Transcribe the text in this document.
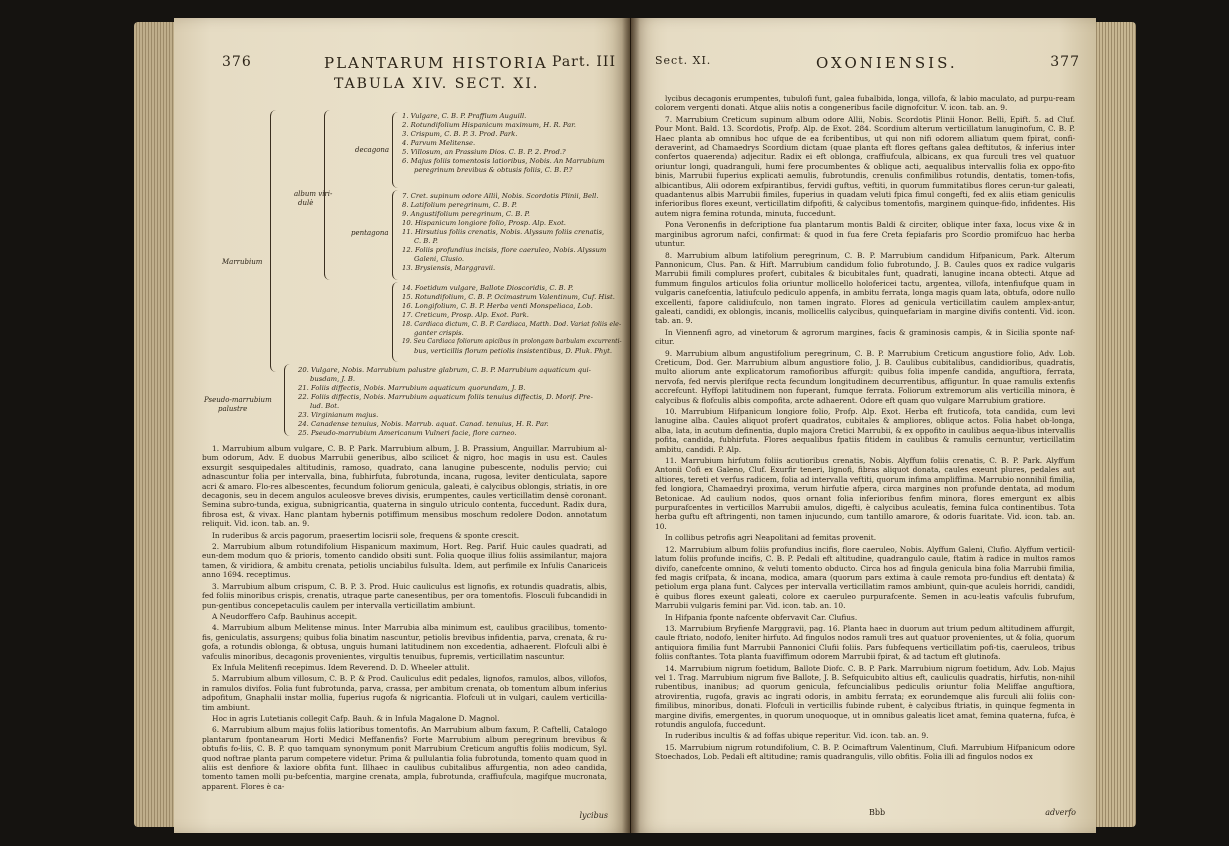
376	PLANTARUM HISTORIA Part. III
TABULA XIV. SECT. XI.
Marrubium
album viri-
dulè
decagona
pentagona
Pseudo-marrubium
palustre
1. Vulgare, C. B. P. Praffium Auguill.
2. Rotundifolium Hispanicum maximum, H. R. Par.
3. Crispum, C. B. P. 3. Prod. Park.
4. Parvum Melitense.
5. Villosum, an Prassium Dios. C. B. P. 2. Prod.?
6. Majus foliis tomentosis latioribus, Nobis. An Marrubium
peregrinum brevibus & obtusis foliis, C. B. P.?
7. Cret. supinum odore Alliì, Nobis. Scordotis Plinii, Bell.
8. Latifolium peregrinum, C. B. P.
9. Angustifolium peregrinum, C. B. P.
10. Hispanicum longiore folio, Prosp. Alp. Exot.
11. Hirsutius foliis crenatis, Nobis. Alyssum foliis crenatis,
C. B. P.
12. Foliis profundius incisis, flore caeruleo, Nobis. Alyssum
Galeni, Clusio.
13. Brysiensis, Marggravii.
14. Foetidum vulgare, Ballote Dioscoridis, C. B. P.
15. Rotundifolium, C. B. P. Ocimastrum Valentinum, Cuf. Hist.
16. Longifolium, C. B. P. Herba venti Monspeliaca, Lob.
17. Creticum, Prosp. Alp. Exot. Park.
18. Cardiaca dictum, C. B. P. Cardiaca, Matth. Dod. Variat foliis ele-
ganter crispis.
19. Seu Cardiaca foliorum apicibus in prolongam barbulam excurrenti-
bus, verticillis florum petiolis insistentibus, D. Pluk. Phyt.
20. Vulgare, Nobis. Marrubium palustre glabrum, C. B. P. Marrubium aquaticum qui-
busdam, J. B.
21. Foliis diffectis, Nobis. Marrubium aquaticum quorundam, J. B.
22. Foliis diffectis, Nobis. Marrubium aquaticum foliis tenuius diffectis, D. Morif. Pre-
lud. Bot.
23. Virginianum majus.
24. Canadense tenuius, Nobis. Marrub. aquat. Canad. tenuius, H. R. Par.
25. Pseudo-marrubium Americanum Vulneri facie, flore carneo.

1. Marrubium album vulgare, C. B. P. Park. Marrubium album, J. B. Prassium, Anguillar. Marrubium al-bum odorum, Adv. E duobus Marrubii generibus, albo scilicet & nigro, hoc magis in usu est. Caules exsurgit sesquipedales altitudinis, ramoso, quadrato, cana lanugine pubescente, nodulis pervio; cui adnascuntur folia per intervalla, bina, fubhirfuta, fubrotunda, incana, rugosa, leviter denticulata, sapore acri & amaro. Flo-res albescentes, fecundum foliorum genicula, galeati, è calycibus oblongis, striatis, in ore decagonis, seu in decem angulos aculeosve breves divisis, erumpentes, caules verticillatim densè coronant. Semina subro-tunda, exigua, subnigricantia, quaterna in singulo utriculo contenta, fuccedunt. Radix dura, fibrosa est, & vivax. Hanc plantam hybernis potiffimum mensibus moschum redolere Dodon. annotatum reliquit. Vid. icon. tab. an. 9.

In ruderibus & arcis pagorum, praesertim locisrii sole, frequens & sponte crescit.

2. Marrubium album rotundifolium Hispanicum maximum, Hort. Reg. Parif. Huic caules quadrati, ad eun-dem modum quo & prioris, tomento candido obsiti sunt. Folia quoque illius foliis assimilantur, majora tamen, & viridiora, & ambitu crenata, petiolis unciabilus fulsulta. Idem, aut perfimile ex Infulis Canariceis anno 1694. receptimus.

3. Marrubium album crispum, C. B. P. 3. Prod. Huic cauliculus est lignofis, ex rotundis quadratis, albis, fed foliis minoribus crispis, crenatis, utraque parte canesentibus, per ora tomentofis. Flosculi fubcandidi in pun-gentibus concepetaculis caulem per intervalla verticillatim ambiunt.

A Neudorffero Cafp. Bauhinus accepit.

4. Marrubium album Melitense minus. Inter Marrubia alba minimum est, caulibus gracilibus, tomento-fis, geniculatis, assurgens; quibus folia binatim nascuntur, petiolis brevibus infidentia, parva, crenata, & ru-gofa, a rotundis oblonga, & obtusa, unguis humani latitudinem non excedentia, adhaerent. Flofculi albi è vafculis minoribus, decagonis provenientes, virgultis tenuibus, fupremis, verticillatim nascuntur.

Ex Infula Melitenfi recepimus. Idem Reverend. D. D. Wheeler attulit.

5. Marrubium album villosum, C. B. P. & Prod. Cauliculus edit pedales, lignofos, ramulos, albos, villofos, in ramulos divifos. Folia funt fubrotunda, parva, crassa, per ambitum crenata, ob tomentum album inferius adpofitum, Gnaphalii instar mollia, fuperius rugofa & nigricantia. Flofculi ut in vulgari, caulem verticilla-tim ambiunt.

Hoc in agris Lutetianis collegit Cafp. Bauh. & in Infula Magalone D. Magnol.

6. Marrubium album majus foliis latioribus tomentofis. An Marrubium album faxum, P. Caftelli, Catalogo plantarum fpontanearum Horti Medici Meffanenfis? Forte Marrubium album peregrinum brevibus & obtufis fo-liis, C. B. P. quo tamquam synonymum ponit Marrubium Creticum anguftis foliis modicum, Syl. quod noftrae planta parum competere videtur. Prima & pullulantia folia fubrotunda, tomento quam quod in aliis est denfiore & laxiore obfita funt. Illhaec in caulibus cubitalibus affurgentia, non adeo candida, tomento tamen molli pu-befcentia, margine crenata, ampla, fubrotunda, craffiufcula, magifque mucronata, apparent. Flores è ca-

lycibus
Sect. XI.	OXONIENSIS.	377

lycibus decagonis erumpentes, tubulofi funt, galea fubalbida, longa, villofa, & labio maculato, ad purpu-ream colorem vergenti donati. Atque aliis notis a congeneribus facile dignofcitur. V. icon. tab. an. 9.

7. Marrubium Creticum supinum album odore Allii, Nobis. Scordotis Plinii Honor. Belli, Epift. 5. ad Cluf. Pour Mont. Bald. 13. Scordotis, Profp. Alp. de Exot. 284. Scordium alterum verticillatum lanuginofum, C. B. P. Haec planta ab omnibus hoc ufque de ea fcribentibus, ut qui non nifi odorem alliatum quem fpirat, confi-deraverint, ad Chamaedrys Scordium dictam (quae planta eft flores geftans galea deftitutos, & inferius inter confertos quaerenda) adjecitur. Radix ei eft oblonga, craffiufcula, albicans, ex qua furculi tres vel quatuor oriuntur longi, quadranguli, humi fere procumbentes & oblique acti, aequalibus intervallis folia ex oppo-fito binis, Marrubii fuperius explicati aemulis, fubrotundis, crenulis confimilibus rotundis, dentatis, tomen-tofis, albicantibus, Alii odorem exfpirantibus, fervidi guftus, veftiti, in quorum fummitatibus flores cerun-tur galeati, quadantenus albis Marrubii fimiles, fuperius in quadam veluti fpica fimul congefti, fed ex aliis etiam geniculis inferioribus flores exeunt, verticillatim difpofiti, & calycibus tomentofis, marginem quinque-fido, infidentes. His autem nigra femina rotunda, minuta, fuccedunt.

Pona Veronenfis in defcriptione fua plantarum montis Baldi & circiter, oblique inter faxa, locus vixe & in marginibus agrorum nafci, confirmat: & quod in fua fere Creta fepiafaris pro Scordio promifcuo hac herba utuntur.

8. Marrubium album latifolium peregrinum, C. B. P. Marrubium candidum Hifpanicum, Park. Alterum Pannonicum, Clus. Pan. & Hift. Marrubium candidum folio fubrotundo, J. B. Caules quos ex radice vulgaris Marrubii fimili complures profert, cubitales & bicubitales funt, quadrati, lanugine incana obtecti. Atque ad fummum fingulos articulos folia oriuntur mollicello holofericei tactu, argentea, villofa, intenfiufque quam in vulgaris canefcentia, latiufculo pediculo appenfa, in ambitu ferrata, longa magis quam lata, obtufa, odore nullo excellenti, fapore calidiufculo, non tamen ingrato. Flores ad genicula verticillatim caulem amplex-antur, galeati, candidi, ex oblongis, incanis, mollicellis calycibus, quinquefariam in margine divifis contenti. Vid. icon. tab. an. 9.

In Viennenfi agro, ad vinetorum & agrorum margines, facis & graminosis campis, & in Sicilia sponte naf-citur.

9. Marrubium album angustifolium peregrinum, C. B. P. Marrubium Creticum angustiore folio, Adv. Lob. Creticum, Dod. Ger. Marrubium album angustiore folio, J. B. Caulibus cubitalibus, candidioribus, quadratis, multo aliorum ante explicatorum ramofioribus affurgit: quibus folia impenfe candida, anguftiora, ferrata, nervofa, fed nervis plerifque recta fecundum longitudinem decurrentibus, affiguntur. In quae ramulis extenfis accrefcunt. Hyffopi latitudinem non fuperant, fumque ferrata. Foliorum extremorum alis verticilla minora, è calycibus & flofculis albis compofita, arcte adhaerent. Odore eft quam quo vulgare Marrubium gratiore.

10. Marrubium Hifpanicum longiore folio, Profp. Alp. Exot. Herba eft fruticofa, tota candida, cum levi lanugine alba. Caules aliquot profert quadratos, cubitales & ampliores, oblique actos. Folia habet ob-longa, alba, lata, in acutum definentia, duplo majora Cretici Marrubii, & ex oppofito in caulibus aequa-libus intervallis pofita, candida, fubhirfuta. Flores aequalibus fpatiis fitidem in caulibus & ramulis cernuntur, verticillatim ambitu, candidi. P. Alp.

11. Marrubium hirfutum foliis acutioribus crenatis, Nobis. Alyffum foliis crenatis, C. B. P. Park. Alyffum Antonii Cofi ex Galeno, Cluf. Exurfir teneri, lignofi, fibras aliquot donata, caules exeunt plures, pedales aut altiores, tereti et verfus radicem, folia ad intervalla veftiti, quorum infima ampliffima. Marrubio nonnihil fimilia, fed longiora, Chamaedryi proxima, verum hirfutie afpera, circa margines non profunde dentata, ad modum Betonicae. Ad caulium nodos, quos ornant folia inferioribus fenfim minora, flores emergunt ex albis purpurafcentes in verticillos Marrubii amulos, digefti, è calycibus aculeatis, femina fulca continentibus. Tota herba guftu eft aftringenti, non tamen injucundo, cum tantillo amarore, & odoris fuaritate. Vid. icon. tab. an. 10.

In collibus petrofis agri Neapolitani ad femitas provenit.

12. Marrubium album foliis profundius incifis, flore caeruleo, Nobis. Alyffum Galeni, Clufio. Alyffum verticil-latum foliis profunde incifis, C. B. P. Pedali eft altitudine, quadrangulo caule, ftatim à radice in multos ramos divifo, canefcente omnino, & veluti tomento obducto. Circa hos ad fingula genicula bina folia Marrubii fimilia, fed magis crifpata, & incana, modica, amara (quorum pars extima à caule remota pro-fundius eft dentata) & petiolum erga plana funt. Calyces per intervalla verticillatim ramos ambiunt, quin-que aculeis horridi, candidi, è quibus flores exeunt galeati, colore ex caeruleo purpurafcente. Semen in acu-leatis vafculis fubrufum, Marrubii vulgaris femini par. Vid. icon. tab. an. 10.

In Hifpania fponte nafcente obfervavit Car. Clufius.

13. Marrubium Bryfienfe Marggravii, pag. 16. Planta haec in duorum aut trium pedum altitudinem affurgit, caule ftriato, nodofo, leniter hirfuto. Ad fingulos nodos ramuli tres aut quatuor provenientes, ut & folia, quorum antiquiora fimilia funt Marrubii Pannonici Clufii foliis. Pars fubfequens verticillatim pofi-tis, caeruleos, tribus foliis conftantes. Tota planta fuaviffimum odorem Marrubii fpirat, & ad tactum eft glutinofa.

14. Marrubium nigrum foetidum, Ballote Diofc. C. B. P. Park. Marrubium nigrum foetidum, Adv. Lob. Majus vel 1. Trag. Marrubium nigrum five Ballote, J. B. Sefquicubito altius eft, cauliculis quadratis, hirfutis, non-nihil rubentibus, inanibus; ad quorum genicula, fefcuncialibus pediculis oriuntur folia Meliffae anguftiora, atrovirentia, rugofa, gravis ac ingrati odoris, in ambitu ferrata; ex eorundemque alis furculi alii foliis con-fimilibus, minoribus, donati. Flofculi in verticillis fubinde rubent, è calycibus ftriatis, in quinque fegmenta in margine divifis, emergentes, in quorum unoquoque, ut in omnibus galeatis licet amat, femina quaterna, fufca, è rotundis angulofa, fuccedunt.

In ruderibus incultis & ad foffas ubique reperitur. Vid. icon. tab. an. 9.

15. Marrubium nigrum rotundifolium, C. B. P. Ocimaftrum Valentinum, Clufi. Marrubium Hifpanicum odore Stoechados, Lob. Pedali eft altitudine; ramis quadrangulis, villo obfitis. Folia illi ad fingulos nodos ex

Bbb	adverfo
